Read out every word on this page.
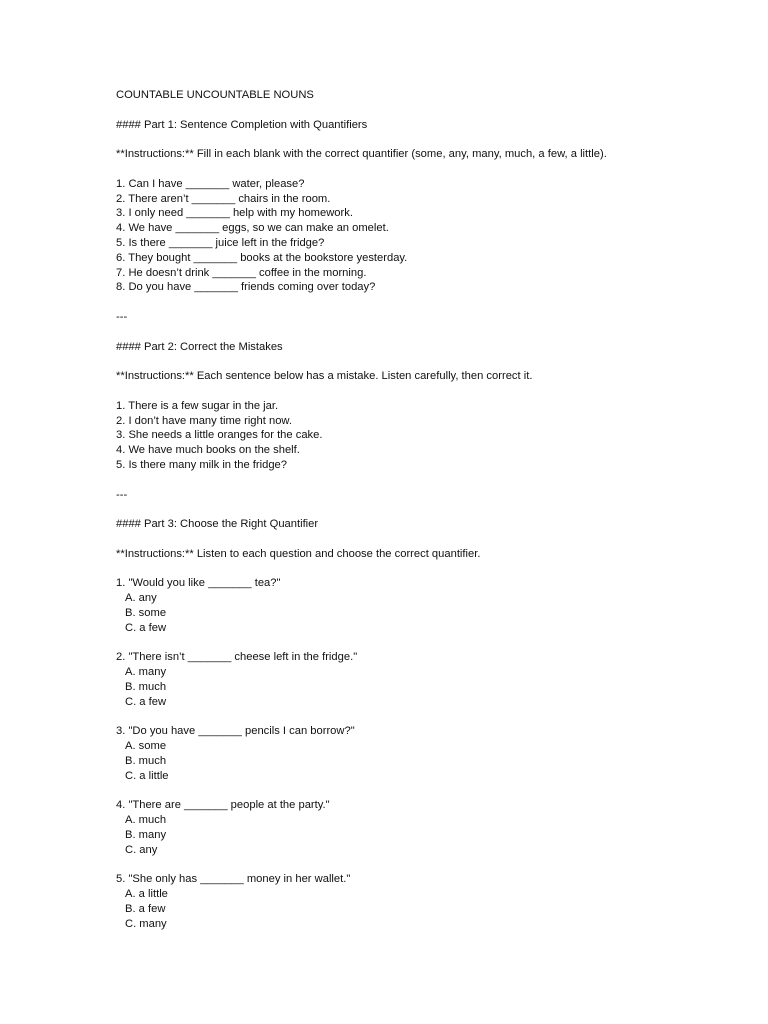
COUNTABLE UNCOUNTABLE NOUNS
#### Part 1: Sentence Completion with Quantifiers
**Instructions:** Fill in each blank with the correct quantifier (some, any, many, much, a few, a little).
1. Can I have _______ water, please?
2. There aren’t _______ chairs in the room.
3. I only need _______ help with my homework.
4. We have _______ eggs, so we can make an omelet.
5. Is there _______ juice left in the fridge?
6. They bought _______ books at the bookstore yesterday.
7. He doesn’t drink _______ coffee in the morning.
8. Do you have _______ friends coming over today?
---
#### Part 2: Correct the Mistakes
**Instructions:** Each sentence below has a mistake. Listen carefully, then correct it.
1. There is a few sugar in the jar.
2. I don’t have many time right now.
3. She needs a little oranges for the cake.
4. We have much books on the shelf.
5. Is there many milk in the fridge?
---
#### Part 3: Choose the Right Quantifier
**Instructions:** Listen to each question and choose the correct quantifier.
1. "Would you like _______ tea?"
A. any
B. some
C. a few
2. "There isn’t _______ cheese left in the fridge."
A. many
B. much
C. a few
3. "Do you have _______ pencils I can borrow?"
A. some
B. much
C. a little
4. "There are _______ people at the party."
A. much
B. many
C. any
5. "She only has _______ money in her wallet."
A. a little
B. a few
C. many
